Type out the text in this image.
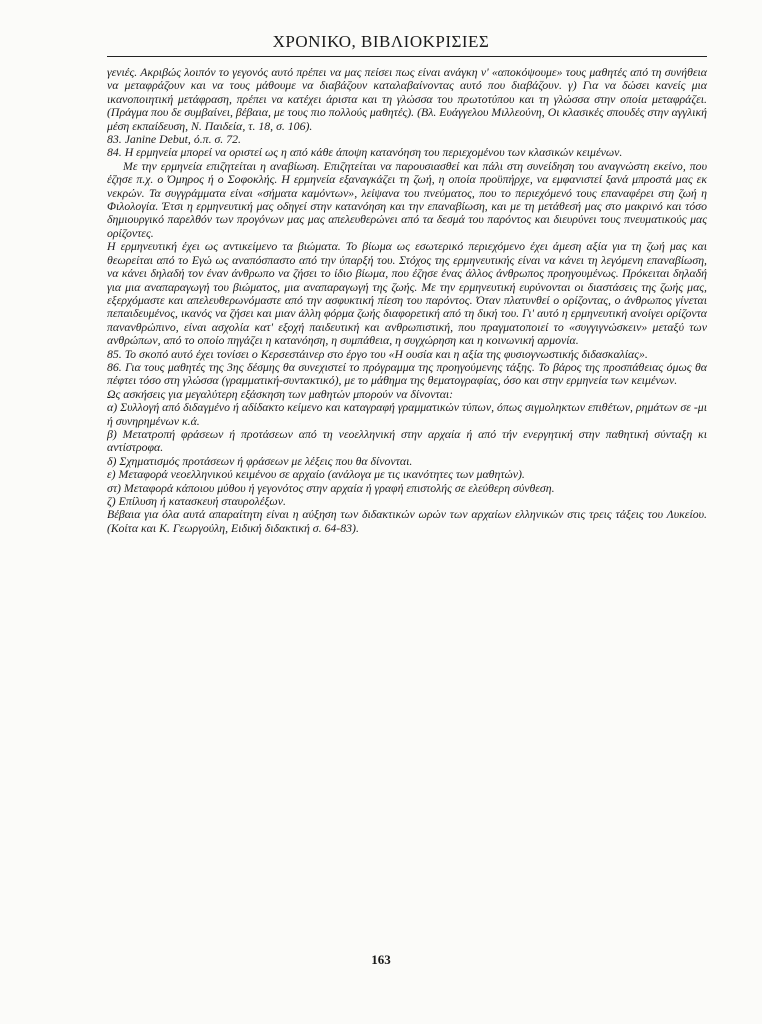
ΧΡΟΝΙΚΟ, ΒΙΒΛΙΟΚΡΙΣΙΕΣ

γενιές. Ακριβώς λοιπόν το γεγονός αυτό πρέπει να μας πείσει πως είναι ανάγκη ν' «αποκόψουμε» τους μαθητές από τη συνήθεια να μεταφράζουν και να τους μάθουμε να διαβάζουν καταλαβαίνοντας αυτό που διαβάζουν. γ) Για να δώσει κανείς μια ικανοποιητική μετάφραση, πρέπει να κατέχει άριστα και τη γλώσσα του πρωτοτύπου και τη γλώσσα στην οποία μεταφράζει. (Πράγμα που δε συμβαίνει, βέβαια, με τους πιο πολλούς μαθητές). (Βλ. Ευάγγελου Μιλλεούνη, Οι κλασικές σπουδές στην αγγλική μέση εκπαίδευση, Ν. Παιδεία, τ. 18, σ. 106).

83. Janine Debut, ό.π. σ. 72.

84. Η ερμηνεία μπορεί να οριστεί ως η από κάθε άποψη κατανόηση του περιεχομένου των κλασικών κειμένων.

Με την ερμηνεία επιζητείται η αναβίωση. Επιζητείται να παρουσιασθεί και πάλι στη συνείδηση του αναγνώστη εκείνο, που έζησε π.χ. ο Όμηρος ή ο Σοφοκλής. Η ερμηνεία εξαναγκάζει τη ζωή, η οποία προϋπήρχε, να εμφανιστεί ξανά μπροστά μας εκ νεκρών. Τα συγγράμματα είναι «σήματα καμόντων», λείψανα του πνεύματος, που το περιεχόμενό τους επαναφέρει στη ζωή η Φιλολογία. Έτσι η ερμηνευτική μας οδηγεί στην κατανόηση και την επαναβίωση, και με τη μετάθεσή μας στο μακρινό και τόσο δημιουργικό παρελθόν των προγόνων μας μας απελευθερώνει από τα δεσμά του παρόντος και διευρύνει τους πνευματικούς μας ορίζοντες.

Η ερμηνευτική έχει ως αντικείμενο τα βιώματα. Το βίωμα ως εσωτερικό περιεχόμενο έχει άμεση αξία για τη ζωή μας και θεωρείται από το Εγώ ως αναπόσπαστο από την ύπαρξή του. Στόχος της ερμηνευτικής είναι να κάνει τη λεγόμενη επαναβίωση, να κάνει δηλαδή τον έναν άνθρωπο να ζήσει το ίδιο βίωμα, που έζησε ένας άλλος άνθρωπος προηγουμένως. Πρόκειται δηλαδή για μια αναπαραγωγή του βιώματος, μια αναπαραγωγή της ζωής. Με την ερμηνευτική ευρύνονται οι διαστάσεις της ζωής μας, εξερχόμαστε και απελευθερωνόμαστε από την ασφυκτική πίεση του παρόντος. Όταν πλατυνθεί ο ορίζοντας, ο άνθρωπος γίνεται πεπαιδευμένος, ικανός να ζήσει και μιαν άλλη φόρμα ζωής διαφορετική από τη δική του. Γι' αυτό η ερμηνευτική ανοίγει ορίζοντα πανανθρώπινο, είναι ασχολία κατ' εξοχή παιδευτική και ανθρωπιστική, που πραγματοποιεί το «συγγιγνώσκειν» μεταξύ των ανθρώπων, από το οποίο πηγάζει η κατανόηση, η συμπάθεια, η συγχώρηση και η κοινωνική αρμονία.

85. Το σκοπό αυτό έχει τονίσει ο Κερσεστάινερ στο έργο του «Η ουσία και η αξία της φυσιογνωστικής διδασκαλίας».

86. Για τους μαθητές της 3ης δέσμης θα συνεχιστεί το πρόγραμμα της προηγούμενης τάξης. Το βάρος της προσπάθειας όμως θα πέφτει τόσο στη γλώσσα (γραμματική-συντακτικό), με το μάθημα της θεματογραφίας, όσο και στην ερμηνεία των κειμένων.

Ως ασκήσεις για μεγαλύτερη εξάσκηση των μαθητών μπορούν να δίνονται:

α) Συλλογή από διδαγμένο ή αδίδακτο κείμενο και καταγραφή γραμματικών τύπων, όπως σιγμοληκτων επιθέτων, ρημάτων σε -μι ή συνηρημένων κ.ά.

β) Μετατροπή φράσεων ή προτάσεων από τη νεοελληνική στην αρχαία ή από τήν ενεργητική στην παθητική σύνταξη κι αντίστροφα.

δ) Σχηματισμός προτάσεων ή φράσεων με λέξεις που θα δίνονται.

ε) Μεταφορά νεοελληνικού κειμένου σε αρχαίο (ανάλογα με τις ικανότητες των μαθητών).

στ) Μεταφορά κάποιου μύθου ή γεγονότος στην αρχαία ή γραφή επιστολής σε ελεύθερη σύνθεση.

ζ) Επίλυση ή κατασκευή σταυρολέξων.

Βέβαια για όλα αυτά απαραίτητη είναι η αύξηση των διδακτικών ωρών των αρχαίων ελληνικών στις τρεις τάξεις του Λυκείου. (Κοίτα και Κ. Γεωργούλη, Ειδική διδακτική σ. 64-83).

163
